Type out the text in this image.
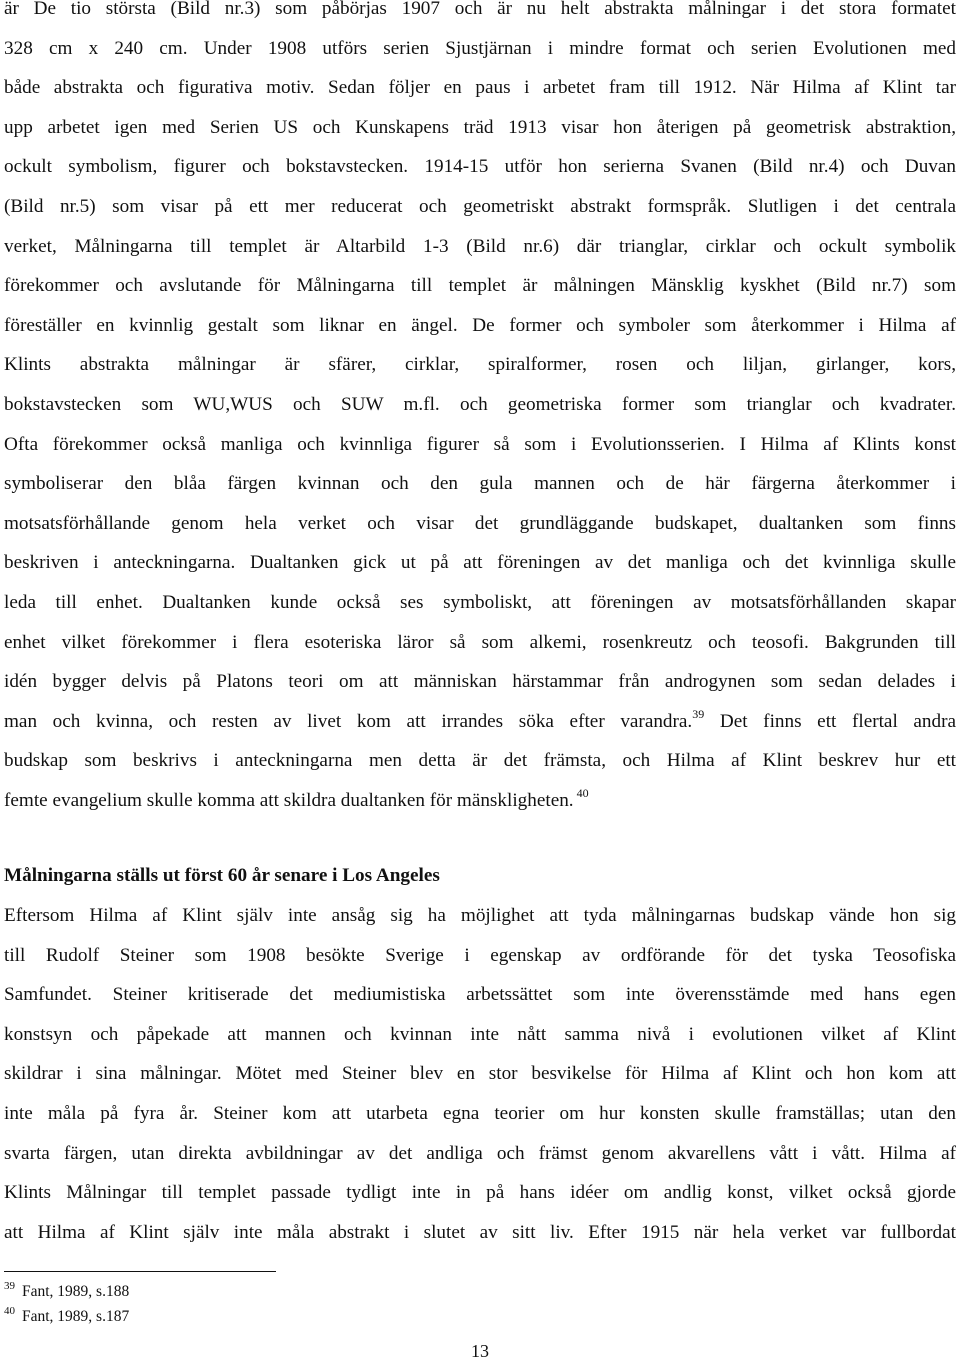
är De tio största (Bild nr.3) som påbörjas 1907 och är nu helt abstrakta målningar i det stora formatet
328 cm x 240 cm. Under 1908 utförs serien Sjustjärnan i mindre format och serien Evolutionen med
både abstrakta och figurativa motiv. Sedan följer en paus i arbetet fram till 1912. När Hilma af Klint tar
upp arbetet igen med Serien US och Kunskapens träd 1913 visar hon återigen på geometrisk abstraktion,
ockult symbolism, figurer och bokstavstecken. 1914-15 utför hon serierna Svanen (Bild nr.4) och Duvan
(Bild nr.5) som visar på ett mer reducerat och geometriskt abstrakt formspråk. Slutligen i det centrala
verket, Målningarna till templet är Altarbild 1-3 (Bild nr.6) där trianglar, cirklar och ockult symbolik
förekommer och avslutande för Målningarna till templet är målningen Mänsklig kyskhet (Bild nr.7) som
föreställer en kvinnlig gestalt som liknar en ängel. De former och symboler som återkommer i Hilma af
Klints abstrakta målningar är sfärer, cirklar, spiralformer, rosen och liljan, girlanger, kors,
bokstavstecken som WU,WUS och SUW m.fl. och geometriska former som trianglar och kvadrater.
Ofta förekommer också manliga och kvinnliga figurer så som i Evolutionsserien. I Hilma af Klints konst
symboliserar den blåa färgen kvinnan och den gula mannen och de här färgerna återkommer i
motsatsförhållande genom hela verket och visar det grundläggande budskapet, dualtanken som finns
beskriven i anteckningarna. Dualtanken gick ut på att föreningen av det manliga och det kvinnliga skulle
leda till enhet. Dualtanken kunde också ses symboliskt, att föreningen av motsatsförhållanden skapar
enhet vilket förekommer i flera esoteriska läror så som alkemi, rosenkreutz och teosofi. Bakgrunden till
idén bygger delvis på Platons teori om att människan härstammar från androgynen som sedan delades i
man och kvinna, och resten av livet kom att irrandes söka efter varandra.$^{39}$ Det finns ett flertal andra
budskap som beskrivs i anteckningarna men detta är det främsta, och Hilma af Klint beskrev hur ett
femte evangelium skulle komma att skildra dualtanken för mänskligheten. $^{40}$
Målningarna ställs ut först 60 år senare i Los Angeles
Eftersom Hilma af Klint själv inte ansåg sig ha möjlighet att tyda målningarnas budskap vände hon sig
till Rudolf Steiner som 1908 besökte Sverige i egenskap av ordförande för det tyska Teosofiska
Samfundet. Steiner kritiserade det mediumistiska arbetssättet som inte överensstämde med hans egen
konstsyn och påpekade att mannen och kvinnan inte nått samma nivå i evolutionen vilket af Klint
skildrar i sina målningar. Mötet med Steiner blev en stor besvikelse för Hilma af Klint och hon kom att
inte måla på fyra år. Steiner kom att utarbeta egna teorier om hur konsten skulle framställas; utan den
svarta färgen, utan direkta avbildningar av det andliga och främst genom akvarellens vått i vått. Hilma af
Klints Målningar till templet passade tydligt inte in på hans idéer om andlig konst, vilket också gjorde
att Hilma af Klint själv inte måla abstrakt i slutet av sitt liv. Efter 1915 när hela verket var fullbordat
39 Fant, 1989, s.188
40 Fant, 1989, s.187
13
